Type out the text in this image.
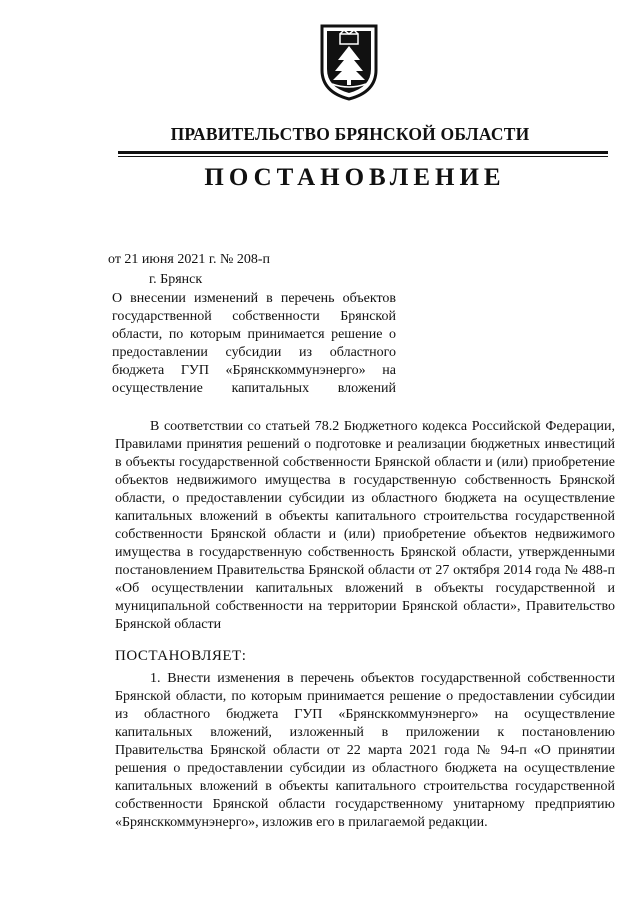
ПРАВИТЕЛЬСТВО БРЯНСКОЙ ОБЛАСТИ
ПОСТАНОВЛЕНИЕ
от 21 июня 2021 г. № 208-п
г. Брянск
О внесении изменений в перечень объектов государственной собственности Брянской области, по которым принимается решение о предоставлении субсидии из областного бюджета ГУП «Брянсккоммунэнерго» на осуществление капитальных вложений
В соответствии со статьей 78.2 Бюджетного кодекса Российской Федерации, Правилами принятия решений о подготовке и реализации бюджетных инвестиций в объекты государственной собственности Брянской области и (или) приобретение объектов недвижимого имущества в государственную собственность Брянской области, о предоставлении субсидии из областного бюджета на осуществление капитальных вложений в объекты капитального строительства государственной собственности Брянской области и (или) приобретение объектов недвижимого имущества в государственную собственность Брянской области, утвержденными постановлением Правительства Брянской области от 27 октября 2014 года № 488-п «Об осуществлении капитальных вложений в объекты государственной и муниципальной собственности на территории Брянской области», Правительство Брянской области
ПОСТАНОВЛЯЕТ:
1. Внести изменения в перечень объектов государственной собственности Брянской области, по которым принимается решение о предоставлении субсидии из областного бюджета ГУП «Брянсккоммунэнерго» на осуществление капитальных вложений, изложенный в приложении к постановлению Правительства Брянской области от 22 марта 2021 года № 94-п «О принятии решения о предоставлении субсидии из областного бюджета на осуществление капитальных вложений в объекты капитального строительства государственной собственности Брянской области государственному унитарному предприятию «Брянсккоммунэнерго», изложив его в прилагаемой редакции.
